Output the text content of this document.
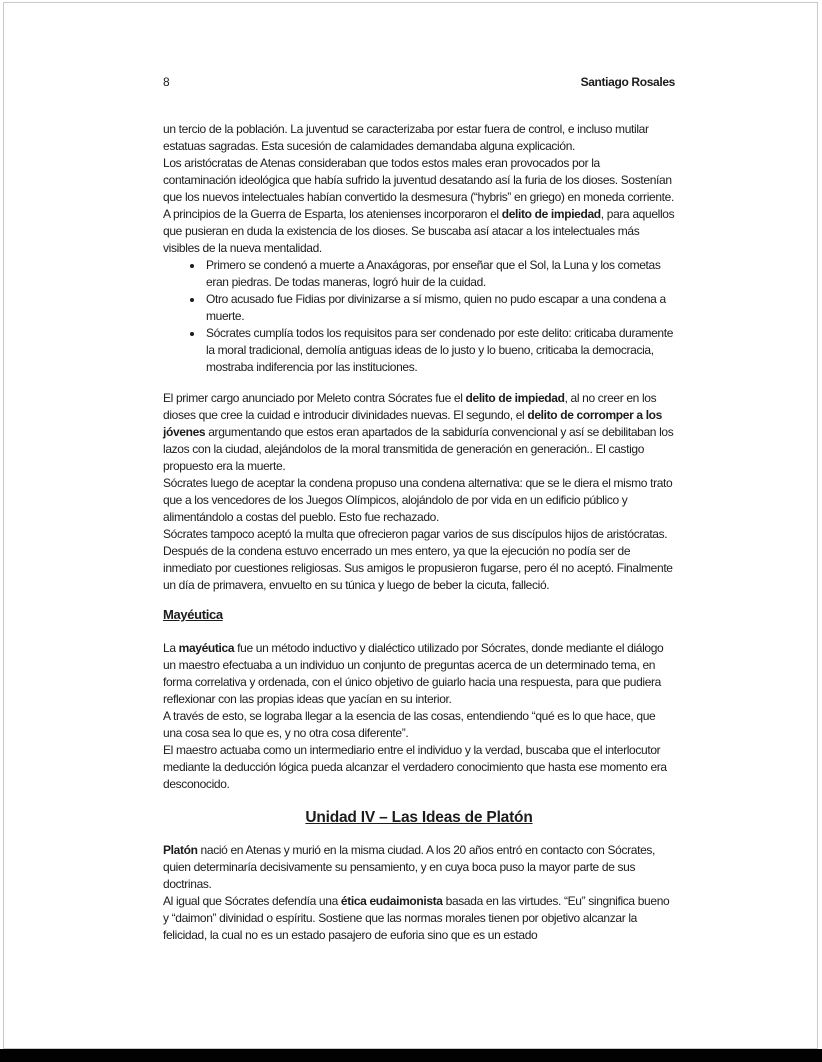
8	Santiago Rosales

un tercio de la población. La juventud se caracterizaba por estar fuera de control, e incluso mutilar estatuas sagradas. Esta sucesión de calamidades demandaba alguna explicación.

Los aristócratas de Atenas consideraban que todos estos males eran provocados por la contaminación ideológica que había sufrido la juventud desatando así la furia de los dioses. Sostenían que los nuevos intelectuales habían convertido la desmesura (“hybris” en griego) en moneda corriente.

A principios de la Guerra de Esparta, los atenienses incorporaron el delito de impiedad, para aquellos que pusieran en duda la existencia de los dioses. Se buscaba así atacar a los intelectuales más visibles de la nueva mentalidad.

• Primero se condenó a muerte a Anaxágoras, por enseñar que el Sol, la Luna y los cometas eran piedras. De todas maneras, logró huir de la cuidad.
• Otro acusado fue Fidias por divinizarse a sí mismo, quien no pudo escapar a una condena a muerte.
• Sócrates cumplía todos los requisitos para ser condenado por este delito: criticaba duramente la moral tradicional, demolía antiguas ideas de lo justo y lo bueno, criticaba la democracia, mostraba indiferencia por las instituciones.

El primer cargo anunciado por Meleto contra Sócrates fue el delito de impiedad, al no creer en los dioses que cree la cuidad e introducir divinidades nuevas. El segundo, el delito de corromper a los jóvenes argumentando que estos eran apartados de la sabiduría convencional y así se debilitaban los lazos con la ciudad, alejándolos de la moral transmitida de generación en generación.. El castigo propuesto era la muerte.

Sócrates luego de aceptar la condena propuso una condena alternativa: que se le diera el mismo trato que a los vencedores de los Juegos Olímpicos, alojándolo de por vida en un edificio público y alimentándolo a costas del pueblo. Esto fue rechazado.

Sócrates tampoco aceptó la multa que ofrecieron pagar varios de sus discípulos hijos de aristócratas.

Después de la condena estuvo encerrado un mes entero, ya que la ejecución no podía ser de inmediato por cuestiones religiosas. Sus amigos le propusieron fugarse, pero él no aceptó. Finalmente un día de primavera, envuelto en su túnica y luego de beber la cicuta, falleció.

Mayéutica

La mayéutica fue un método inductivo y dialéctico utilizado por Sócrates, donde mediante el diálogo un maestro efectuaba a un individuo un conjunto de preguntas acerca de un determinado tema, en forma correlativa y ordenada, con el único objetivo de guiarlo hacia una respuesta, para que pudiera reflexionar con las propias ideas que yacían en su interior.

A través de esto, se lograba llegar a la esencia de las cosas, entendiendo “qué es lo que hace, que una cosa sea lo que es, y no otra cosa diferente”.

El maestro actuaba como un intermediario entre el individuo y la verdad, buscaba que el interlocutor mediante la deducción lógica pueda alcanzar el verdadero conocimiento que hasta ese momento era desconocido.

Unidad IV – Las Ideas de Platón

Platón nació en Atenas y murió en la misma ciudad. A los 20 años entró en contacto con Sócrates, quien determinaría decisivamente su pensamiento, y en cuya boca puso la mayor parte de sus doctrinas.

Al igual que Sócrates defendía una ética eudaimonista basada en las virtudes. “Eu” singnifica bueno y “daimon” divinidad o espíritu. Sostiene que las normas morales tienen por objetivo alcanzar la felicidad, la cual no es un estado pasajero de euforia sino que es un estado
